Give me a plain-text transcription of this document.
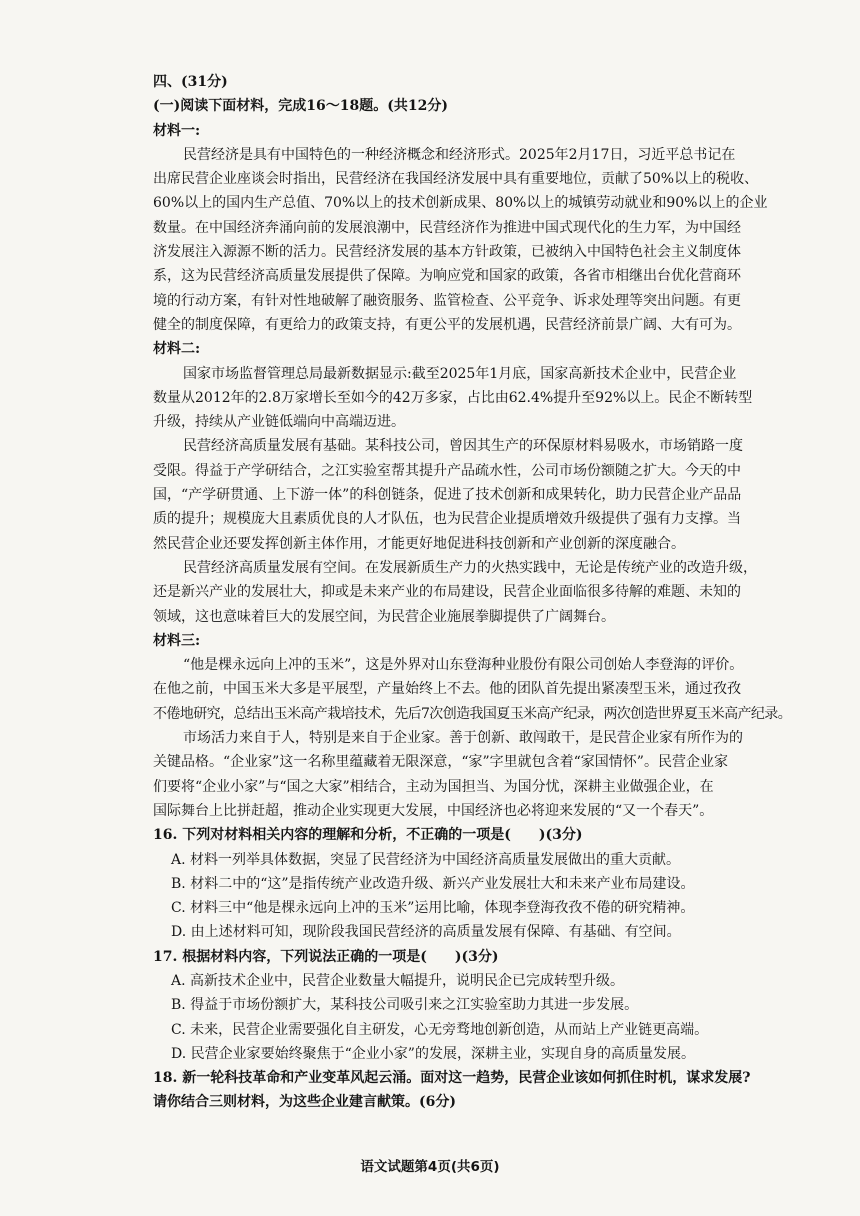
四、(31分)
(一)阅读下面材料，完成16～18题。(共12分)
材料一:
民营经济是具有中国特色的一种经济概念和经济形式。2025年2月17日，习近平总书记在
出席民营企业座谈会时指出，民营经济在我国经济发展中具有重要地位，贡献了50%以上的税收、
60%以上的国内生产总值、70%以上的技术创新成果、80%以上的城镇劳动就业和90%以上的企业
数量。在中国经济奔涌向前的发展浪潮中，民营经济作为推进中国式现代化的生力军，为中国经
济发展注入源源不断的活力。民营经济发展的基本方针政策，已被纳入中国特色社会主义制度体
系，这为民营经济高质量发展提供了保障。为响应党和国家的政策，各省市相继出台优化营商环
境的行动方案，有针对性地破解了融资服务、监管检查、公平竞争、诉求处理等突出问题。有更
健全的制度保障，有更给力的政策支持，有更公平的发展机遇，民营经济前景广阔、大有可为。
材料二:
国家市场监督管理总局最新数据显示:截至2025年1月底，国家高新技术企业中，民营企业
数量从2012年的2.8万家增长至如今的42万多家，占比由62.4%提升至92%以上。民企不断转型
升级，持续从产业链低端向中高端迈进。
民营经济高质量发展有基础。某科技公司，曾因其生产的环保原材料易吸水，市场销路一度
受限。得益于产学研结合，之江实验室帮其提升产品疏水性，公司市场份额随之扩大。今天的中
国，“产学研贯通、上下游一体”的科创链条，促进了技术创新和成果转化，助力民营企业产品品
质的提升；规模庞大且素质优良的人才队伍，也为民营企业提质增效升级提供了强有力支撑。当
然民营企业还要发挥创新主体作用，才能更好地促进科技创新和产业创新的深度融合。
民营经济高质量发展有空间。在发展新质生产力的火热实践中，无论是传统产业的改造升级，
还是新兴产业的发展壮大，抑或是未来产业的布局建设，民营企业面临很多待解的难题、未知的
领域，这也意味着巨大的发展空间，为民营企业施展拳脚提供了广阔舞台。
材料三:
“他是棵永远向上冲的玉米”，这是外界对山东登海种业股份有限公司创始人李登海的评价。
在他之前，中国玉米大多是平展型，产量始终上不去。他的团队首先提出紧凑型玉米，通过孜孜
不倦地研究，总结出玉米高产栽培技术，先后7次创造我国夏玉米高产纪录，两次创造世界夏玉米高产纪录。
市场活力来自于人，特别是来自于企业家。善于创新、敢闯敢干，是民营企业家有所作为的
关键品格。“企业家”这一名称里蕴藏着无限深意，“家”字里就包含着“家国情怀”。民营企业家
们要将“企业小家”与“国之大家”相结合，主动为国担当、为国分忧，深耕主业做强企业，在
国际舞台上比拼赶超，推动企业实现更大发展，中国经济也必将迎来发展的“又一个春天”。
16. 下列对材料相关内容的理解和分析，不正确的一项是(　　)(3分)
A. 材料一列举具体数据，突显了民营经济为中国经济高质量发展做出的重大贡献。
B. 材料二中的“这”是指传统产业改造升级、新兴产业发展壮大和未来产业布局建设。
C. 材料三中“他是棵永远向上冲的玉米”运用比喻，体现李登海孜孜不倦的研究精神。
D. 由上述材料可知，现阶段我国民营经济的高质量发展有保障、有基础、有空间。
17. 根据材料内容，下列说法正确的一项是(　　)(3分)
A. 高新技术企业中，民营企业数量大幅提升，说明民企已完成转型升级。
B. 得益于市场份额扩大，某科技公司吸引来之江实验室助力其进一步发展。
C. 未来，民营企业需要强化自主研发，心无旁骛地创新创造，从而站上产业链更高端。
D. 民营企业家要始终聚焦于“企业小家”的发展，深耕主业，实现自身的高质量发展。
18. 新一轮科技革命和产业变革风起云涌。面对这一趋势，民营企业该如何抓住时机，谋求发展?
请你结合三则材料，为这些企业建言献策。(6分)
语文试题第4页(共6页)
